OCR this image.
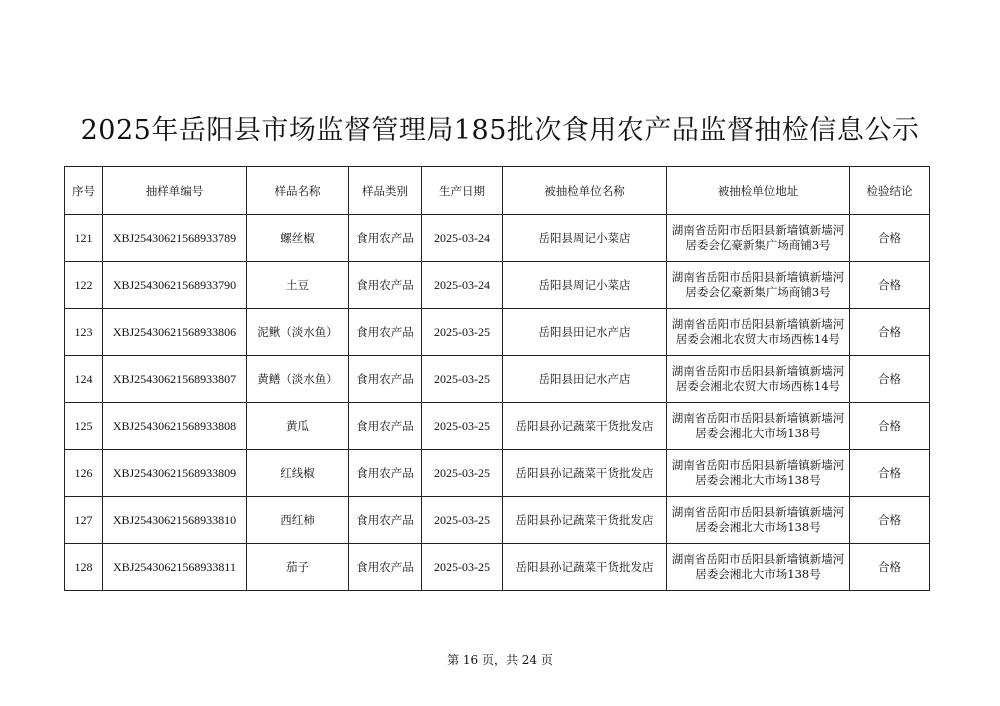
2025年岳阳县市场监督管理局185批次食用农产品监督抽检信息公示
序号	抽样单编号	样品名称	样品类别	生产日期	被抽检单位名称	被抽检单位地址	检验结论
121	XBJ25430621568933789	螺丝椒	食用农产品	2025-03-24	岳阳县周记小菜店	湖南省岳阳市岳阳县新墙镇新墙河居委会亿豪新集广场商铺3号	合格
122	XBJ25430621568933790	土豆	食用农产品	2025-03-24	岳阳县周记小菜店	湖南省岳阳市岳阳县新墙镇新墙河居委会亿豪新集广场商铺3号	合格
123	XBJ25430621568933806	泥鳅（淡水鱼）	食用农产品	2025-03-25	岳阳县田记水产店	湖南省岳阳市岳阳县新墙镇新墙河居委会湘北农贸大市场西栋14号	合格
124	XBJ25430621568933807	黄鳝（淡水鱼）	食用农产品	2025-03-25	岳阳县田记水产店	湖南省岳阳市岳阳县新墙镇新墙河居委会湘北农贸大市场西栋14号	合格
125	XBJ25430621568933808	黄瓜	食用农产品	2025-03-25	岳阳县孙记蔬菜干货批发店	湖南省岳阳市岳阳县新墙镇新墙河居委会湘北大市场138号	合格
126	XBJ25430621568933809	红线椒	食用农产品	2025-03-25	岳阳县孙记蔬菜干货批发店	湖南省岳阳市岳阳县新墙镇新墙河居委会湘北大市场138号	合格
127	XBJ25430621568933810	西红柿	食用农产品	2025-03-25	岳阳县孙记蔬菜干货批发店	湖南省岳阳市岳阳县新墙镇新墙河居委会湘北大市场138号	合格
128	XBJ25430621568933811	茄子	食用农产品	2025-03-25	岳阳县孙记蔬菜干货批发店	湖南省岳阳市岳阳县新墙镇新墙河居委会湘北大市场138号	合格
第 16 页，共 24 页
